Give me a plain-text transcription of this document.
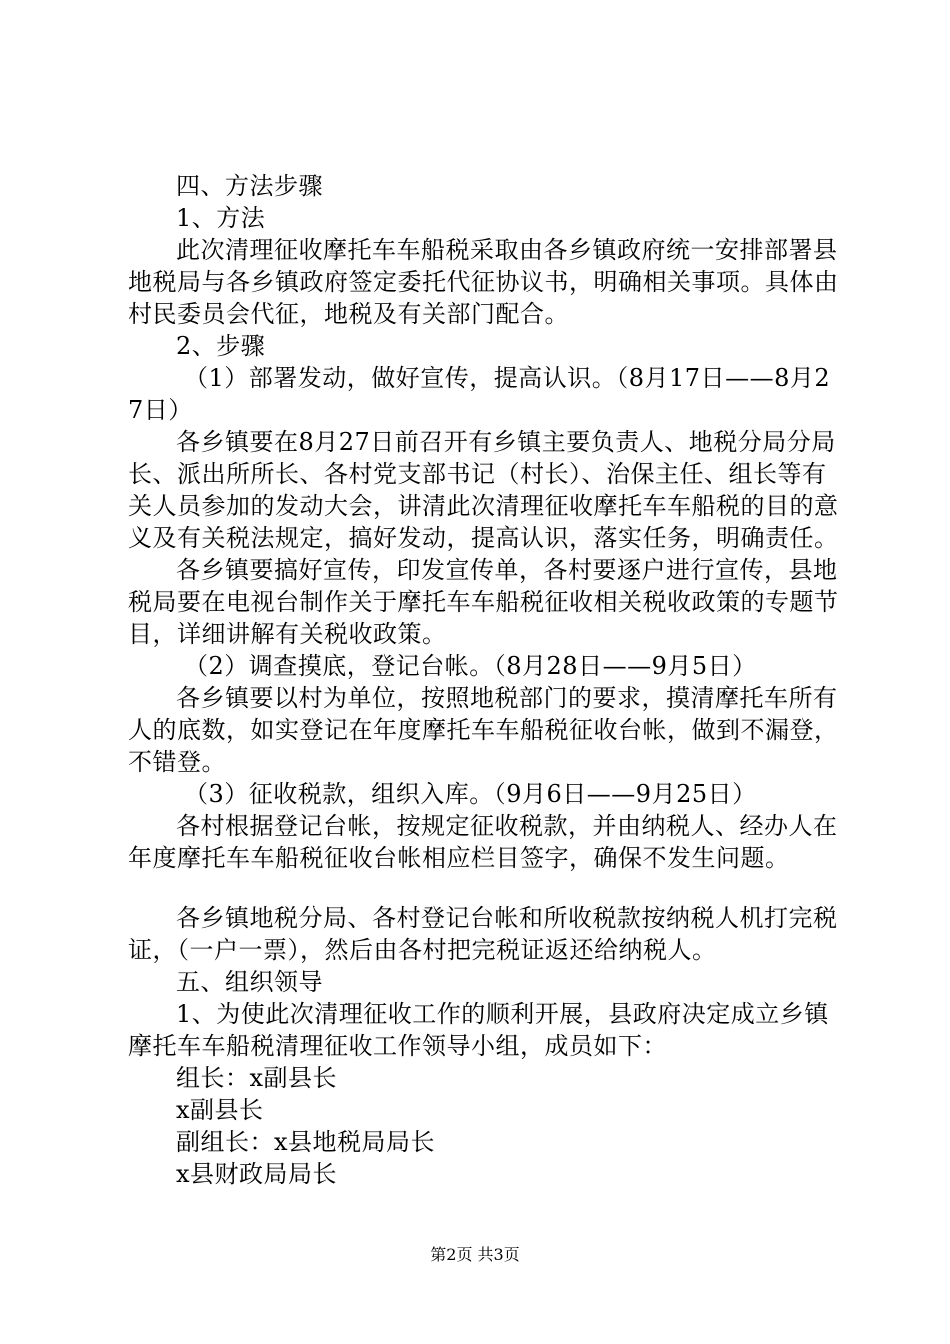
四、方法步骤

1、方法

此次清理征收摩托车车船税采取由各乡镇政府统一安排部署县地税局与各乡镇政府签定委托代征协议书，明确相关事项。具体由村民委员会代征，地税及有关部门配合。

2、步骤

（1）部署发动，做好宣传，提高认识。（8月17日——8月27日）

各乡镇要在8月27日前召开有乡镇主要负责人、地税分局分局长、派出所所长、各村党支部书记（村长）、治保主任、组长等有关人员参加的发动大会，讲清此次清理征收摩托车车船税的目的意义及有关税法规定，搞好发动，提高认识，落实任务，明确责任。

各乡镇要搞好宣传，印发宣传单，各村要逐户进行宣传，县地税局要在电视台制作关于摩托车车船税征收相关税收政策的专题节目，详细讲解有关税收政策。

（2）调查摸底，登记台帐。（8月28日——9月5日）

各乡镇要以村为单位，按照地税部门的要求，摸清摩托车所有人的底数，如实登记在年度摩托车车船税征收台帐，做到不漏登，不错登。

（3）征收税款，组织入库。（9月6日——9月25日）

各村根据登记台帐，按规定征收税款，并由纳税人、经办人在年度摩托车车船税征收台帐相应栏目签字，确保不发生问题。

各乡镇地税分局、各村登记台帐和所收税款按纳税人机打完税证，（一户一票），然后由各村把完税证返还给纳税人。

五、组织领导

1、为使此次清理征收工作的顺利开展，县政府决定成立乡镇摩托车车船税清理征收工作领导小组，成员如下：

组长：x副县长

x副县长

副组长：x县地税局局长

x县财政局局长

第2页 共3页
